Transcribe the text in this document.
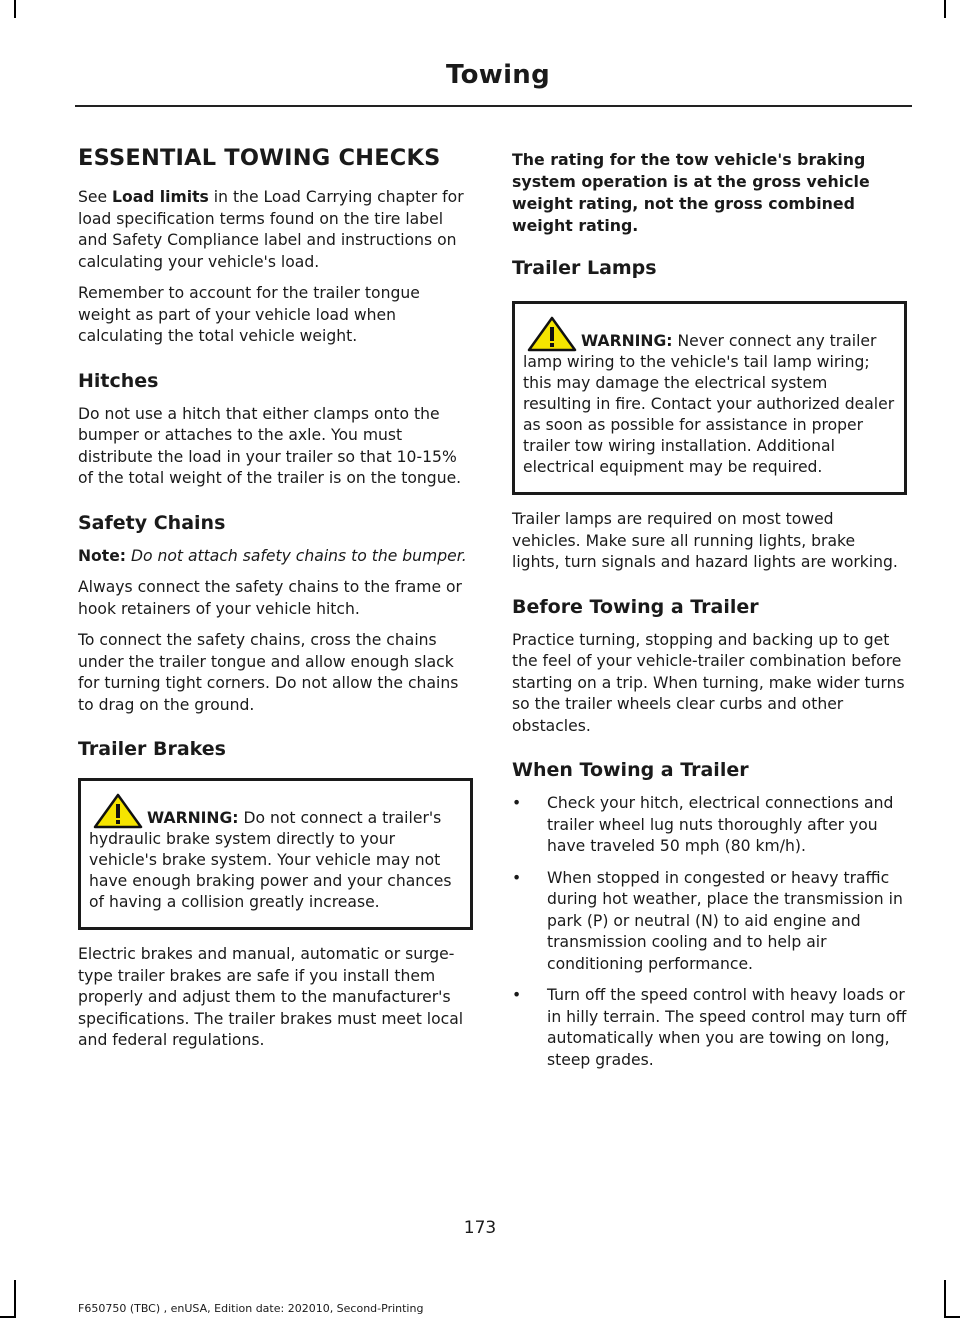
Towing
ESSENTIAL TOWING CHECKS

See Load limits in the Load Carrying chapter for load specification terms found on the tire label and Safety Compliance label and instructions on calculating your vehicle's load.

Remember to account for the trailer tongue weight as part of your vehicle load when calculating the total vehicle weight.

Hitches

Do not use a hitch that either clamps onto the bumper or attaches to the axle. You must distribute the load in your trailer so that 10-15% of the total weight of the trailer is on the tongue.

Safety Chains

Note: Do not attach safety chains to the bumper.

Always connect the safety chains to the frame or hook retainers of your vehicle hitch.

To connect the safety chains, cross the chains under the trailer tongue and allow enough slack for turning tight corners. Do not allow the chains to drag on the ground.

Trailer Brakes

WARNING: Do not connect a trailer's hydraulic brake system directly to your vehicle's brake system. Your vehicle may not have enough braking power and your chances of having a collision greatly increase.

Electric brakes and manual, automatic or surge-type trailer brakes are safe if you install them properly and adjust them to the manufacturer's specifications. The trailer brakes must meet local and federal regulations.

The rating for the tow vehicle's braking system operation is at the gross vehicle weight rating, not the gross combined weight rating.

Trailer Lamps

WARNING: Never connect any trailer lamp wiring to the vehicle's tail lamp wiring; this may damage the electrical system resulting in fire. Contact your authorized dealer as soon as possible for assistance in proper trailer tow wiring installation. Additional electrical equipment may be required.

Trailer lamps are required on most towed vehicles. Make sure all running lights, brake lights, turn signals and hazard lights are working.

Before Towing a Trailer

Practice turning, stopping and backing up to get the feel of your vehicle-trailer combination before starting on a trip. When turning, make wider turns so the trailer wheels clear curbs and other obstacles.

When Towing a Trailer
• Check your hitch, electrical connections and trailer wheel lug nuts thoroughly after you have traveled 50 mph (80 km/h).
• When stopped in congested or heavy traffic during hot weather, place the transmission in park (P) or neutral (N) to aid engine and transmission cooling and to help air conditioning performance.
• Turn off the speed control with heavy loads or in hilly terrain. The speed control may turn off automatically when you are towing on long, steep grades.
173
F650750 (TBC) , enUSA, Edition date: 202010, Second-Printing
